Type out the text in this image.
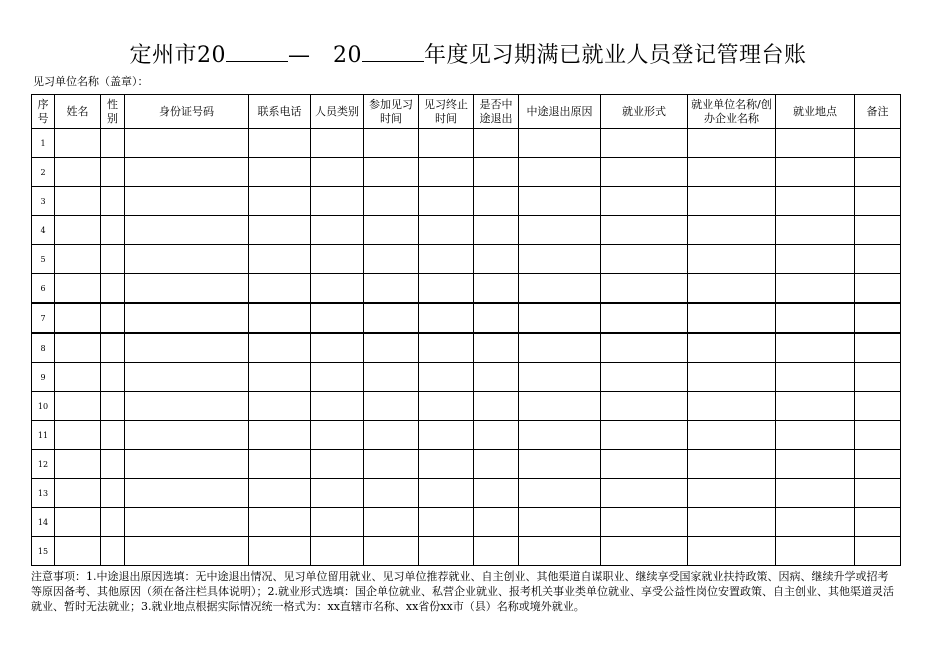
定州市20	— 20	年度见习期满已就业人员登记管理台账
见习单位名称（盖章）：
序号	姓名	性别	身份证号码	联系电话	人员类别	参加见习时间	见习终止时间	是否中途退出	中途退出原因	就业形式	就业单位名称/创办企业名称	就业地点	备注
1													
2													
3													
4													
5													
6													
7													
8													
9													
10													
11													
12													
13													
14													
15													
注意事项：1.中途退出原因选填：无中途退出情况、见习单位留用就业、见习单位推荐就业、自主创业、其他渠道自谋职业、继续享受国家就业扶持政策、因病、继续升学或招考等原因备考、其他原因（须在备注栏具体说明）；2.就业形式选填：国企单位就业、私营企业就业、报考机关事业类单位就业、享受公益性岗位安置政策、自主创业、其他渠道灵活就业、暂时无法就业；3.就业地点根据实际情况统一格式为：xx直辖市名称、xx省份xx市（县）名称或境外就业。
